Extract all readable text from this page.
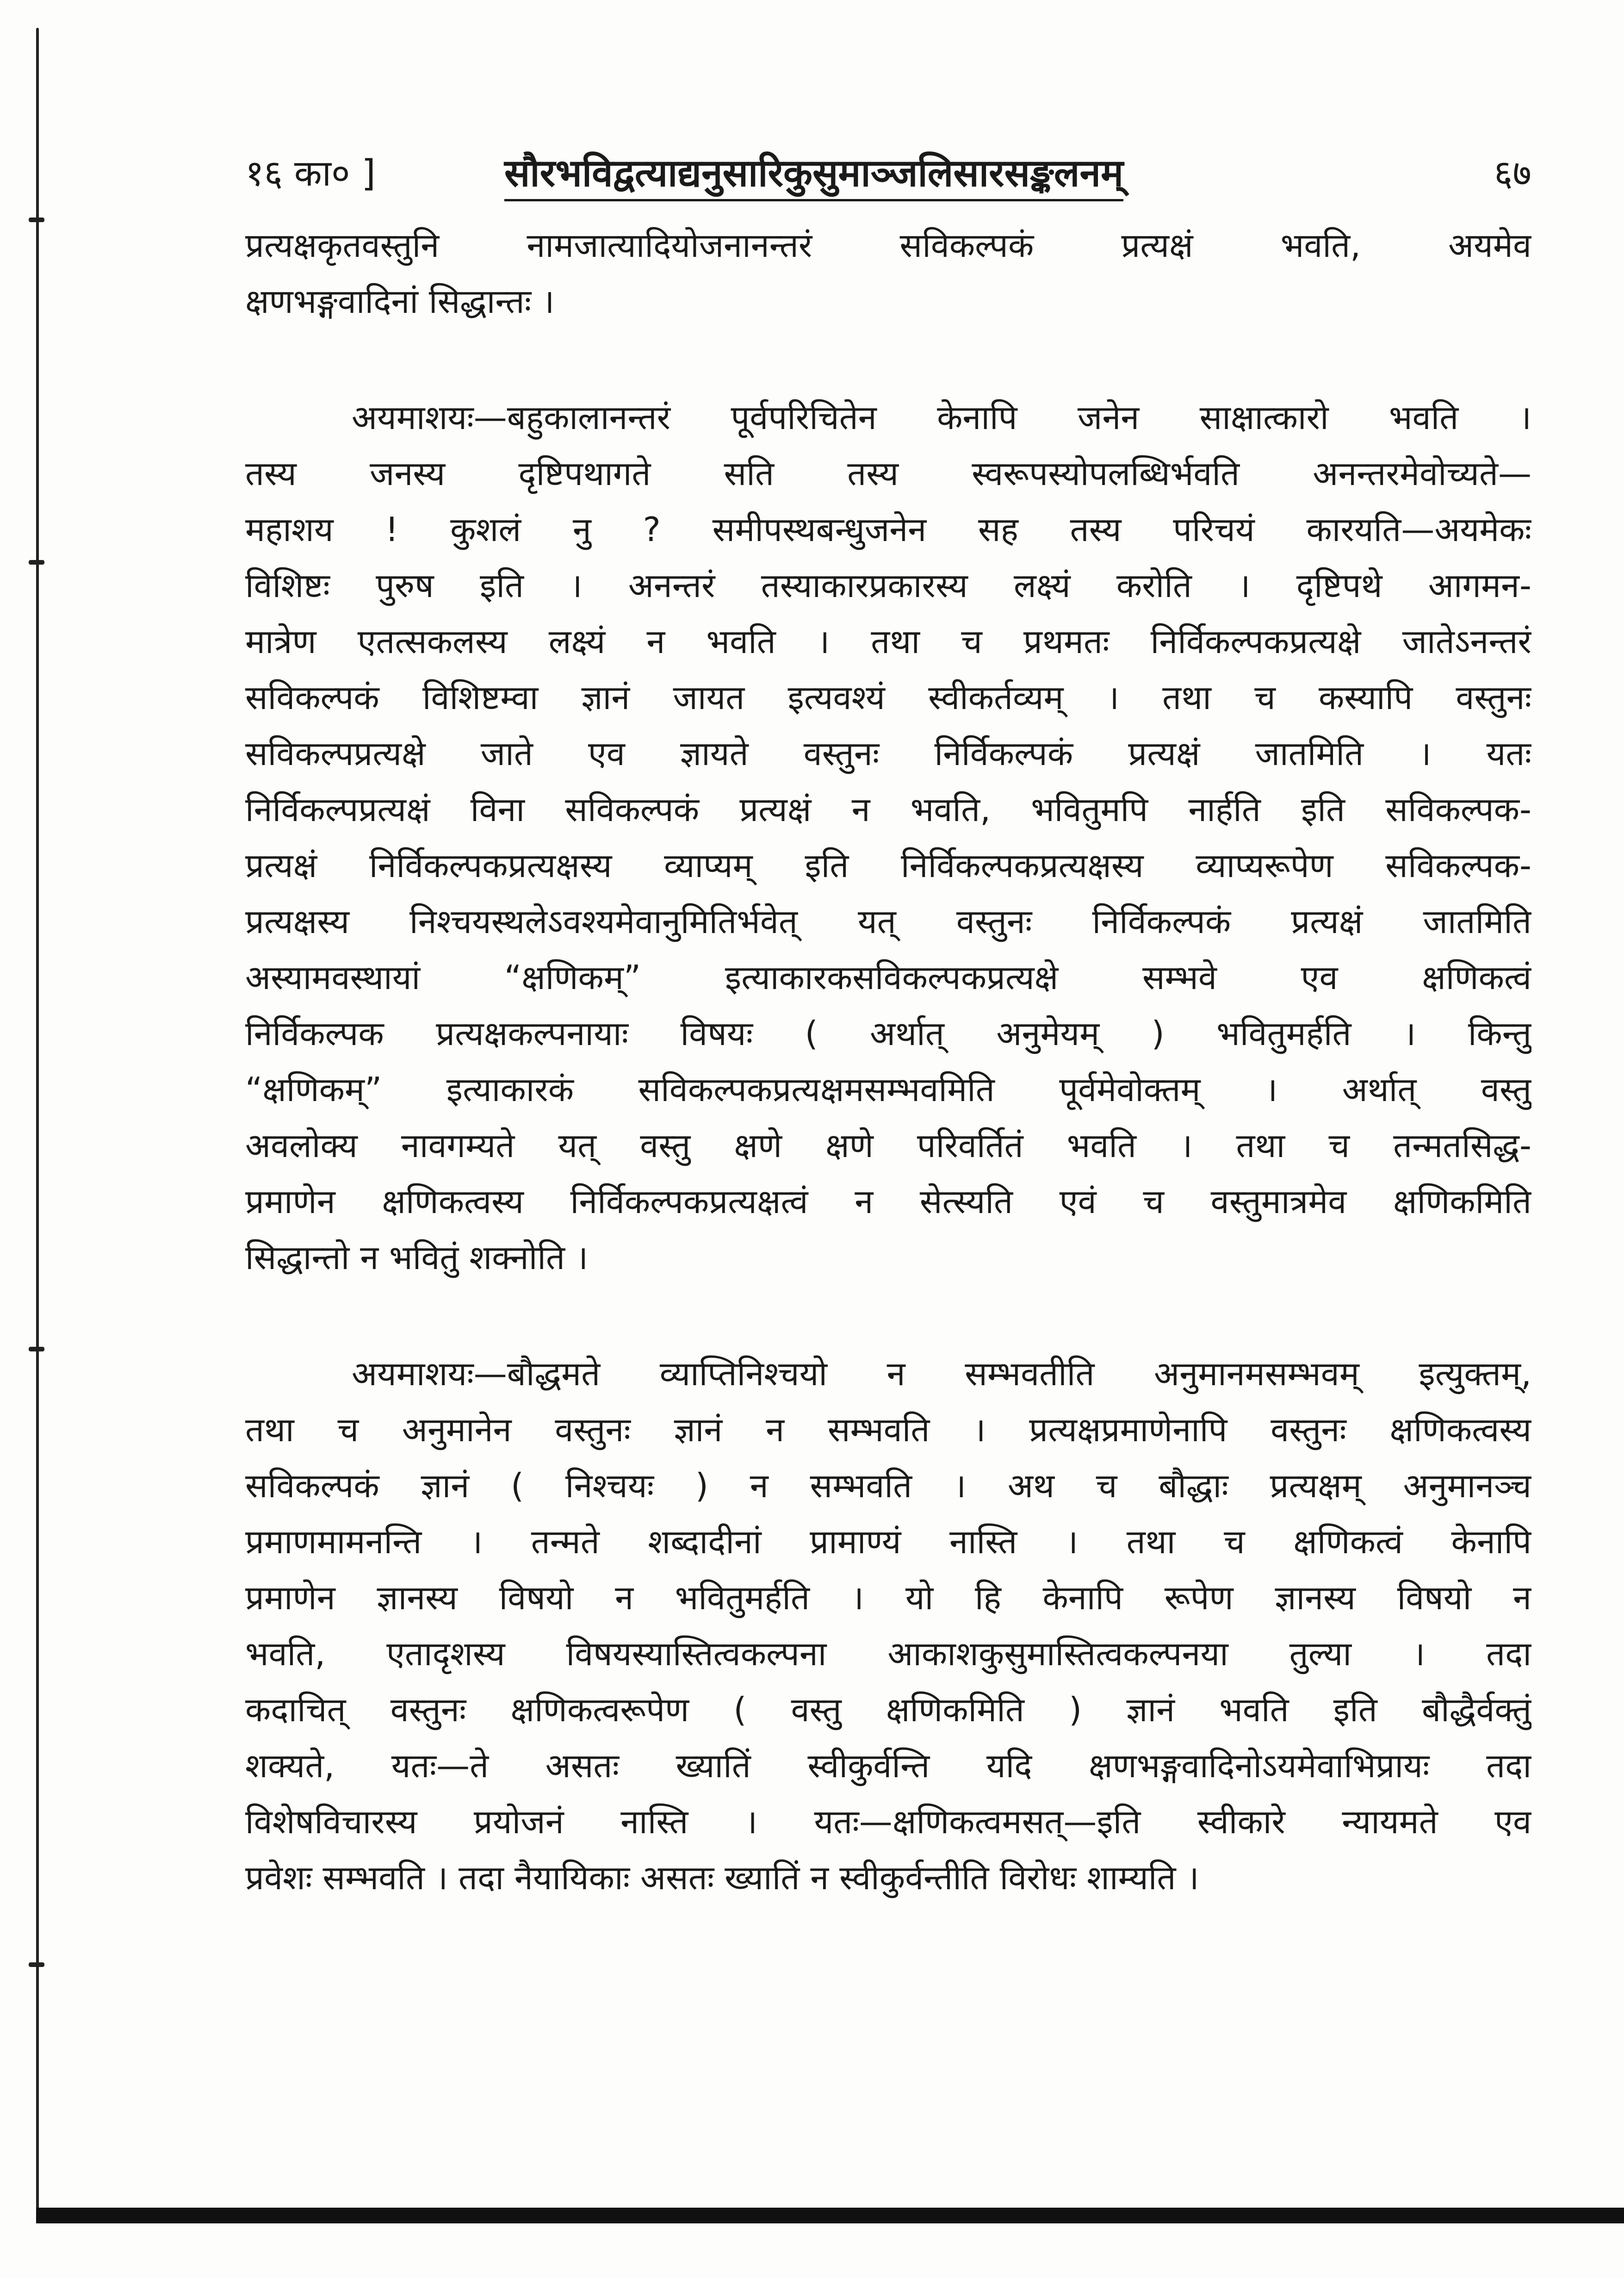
१६ का० ]	सौरभविद्वत्याद्यनुसारिकुसुमाञ्जलिसारसङ्कलनम्	६७
प्रत्यक्षकृतवस्तुनि नामजात्यादियोजनानन्तरं सविकल्पकं प्रत्यक्षं भवति, अयमेव
क्षणभङ्गवादिनां सिद्धान्तः ।
अयमाशयः—बहुकालानन्तरं पूर्वपरिचितेन केनापि जनेन साक्षात्कारो भवति ।
तस्य जनस्य दृष्टिपथागते सति तस्य स्वरूपस्योपलब्धिर्भवति अनन्तरमेवोच्यते—
महाशय ! कुशलं नु ? समीपस्थबन्धुजनेन सह तस्य परिचयं कारयति—अयमेकः
विशिष्टः पुरुष इति । अनन्तरं तस्याकारप्रकारस्य लक्ष्यं करोति । दृष्टिपथे आगमन-
मात्रेण एतत्सकलस्य लक्ष्यं न भवति । तथा च प्रथमतः निर्विकल्पकप्रत्यक्षे जातेऽनन्तरं
सविकल्पकं विशिष्टम्वा ज्ञानं जायत इत्यवश्यं स्वीकर्तव्यम् । तथा च कस्यापि वस्तुनः
सविकल्पप्रत्यक्षे जाते एव ज्ञायते वस्तुनः निर्विकल्पकं प्रत्यक्षं जातमिति । यतः
निर्विकल्पप्रत्यक्षं विना सविकल्पकं प्रत्यक्षं न भवति, भवितुमपि नार्हति इति सविकल्पक-
प्रत्यक्षं निर्विकल्पकप्रत्यक्षस्य व्याप्यम् इति निर्विकल्पकप्रत्यक्षस्य व्याप्यरूपेण सविकल्पक-
प्रत्यक्षस्य निश्चयस्थलेऽवश्यमेवानुमितिर्भवेत् यत् वस्तुनः निर्विकल्पकं प्रत्यक्षं जातमिति
अस्यामवस्थायां “क्षणिकम्” इत्याकारकसविकल्पकप्रत्यक्षे सम्भवे एव क्षणिकत्वं
निर्विकल्पक प्रत्यक्षकल्पनायाः विषयः ( अर्थात् अनुमेयम् ) भवितुमर्हति । किन्तु
“क्षणिकम्” इत्याकारकं सविकल्पकप्रत्यक्षमसम्भवमिति पूर्वमेवोक्तम् । अर्थात् वस्तु
अवलोक्य नावगम्यते यत् वस्तु क्षणे क्षणे परिवर्तितं भवति । तथा च तन्मतसिद्ध-
प्रमाणेन क्षणिकत्वस्य निर्विकल्पकप्रत्यक्षत्वं न सेत्स्यति एवं च वस्तुमात्रमेव क्षणिकमिति
सिद्धान्तो न भवितुं शक्नोति ।
अयमाशयः—बौद्धमते व्याप्तिनिश्चयो न सम्भवतीति अनुमानमसम्भवम् इत्युक्तम्,
तथा च अनुमानेन वस्तुनः ज्ञानं न सम्भवति । प्रत्यक्षप्रमाणेनापि वस्तुनः क्षणिकत्वस्य
सविकल्पकं ज्ञानं ( निश्चयः ) न सम्भवति । अथ च बौद्धाः प्रत्यक्षम् अनुमानञ्च
प्रमाणमामनन्ति । तन्मते शब्दादीनां प्रामाण्यं नास्ति । तथा च क्षणिकत्वं केनापि
प्रमाणेन ज्ञानस्य विषयो न भवितुमर्हति । यो हि केनापि रूपेण ज्ञानस्य विषयो न
भवति, एतादृशस्य विषयस्यास्तित्वकल्पना आकाशकुसुमास्तित्वकल्पनया तुल्या । तदा
कदाचित् वस्तुनः क्षणिकत्वरूपेण ( वस्तु क्षणिकमिति ) ज्ञानं भवति इति बौद्धैर्वक्तुं
शक्यते, यतः—ते असतः ख्यातिं स्वीकुर्वन्ति यदि क्षणभङ्गवादिनोऽयमेवाभिप्रायः तदा
विशेषविचारस्य प्रयोजनं नास्ति । यतः—क्षणिकत्वमसत्—इति स्वीकारे न्यायमते एव
प्रवेशः सम्भवति । तदा नैयायिकाः असतः ख्यातिं न स्वीकुर्वन्तीति विरोधः शाम्यति ।
